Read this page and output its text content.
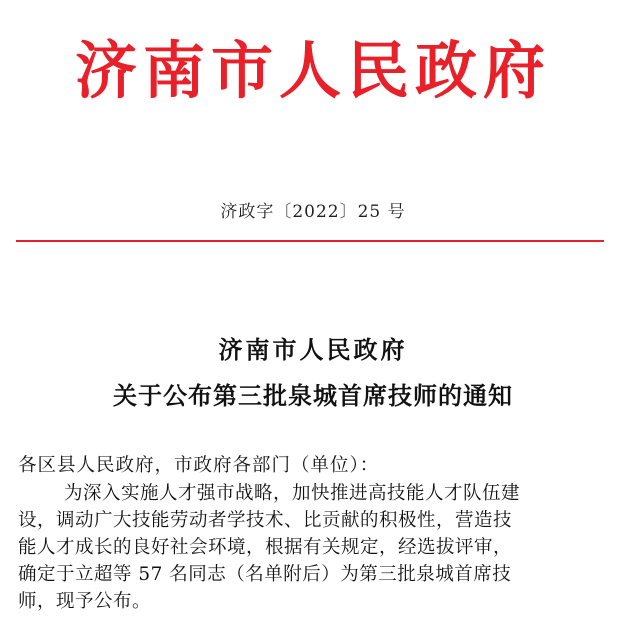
济南市人民政府
济政字〔2022〕25 号
济南市人民政府
关于公布第三批泉城首席技师的通知
各区县人民政府，市政府各部门（单位）：
为深入实施人才强市战略，加快推进高技能人才队伍建
设，调动广大技能劳动者学技术、比贡献的积极性，营造技
能人才成长的良好社会环境，根据有关规定，经选拔评审，
确定于立超等 57 名同志（名单附后）为第三批泉城首席技
师，现予公布。
